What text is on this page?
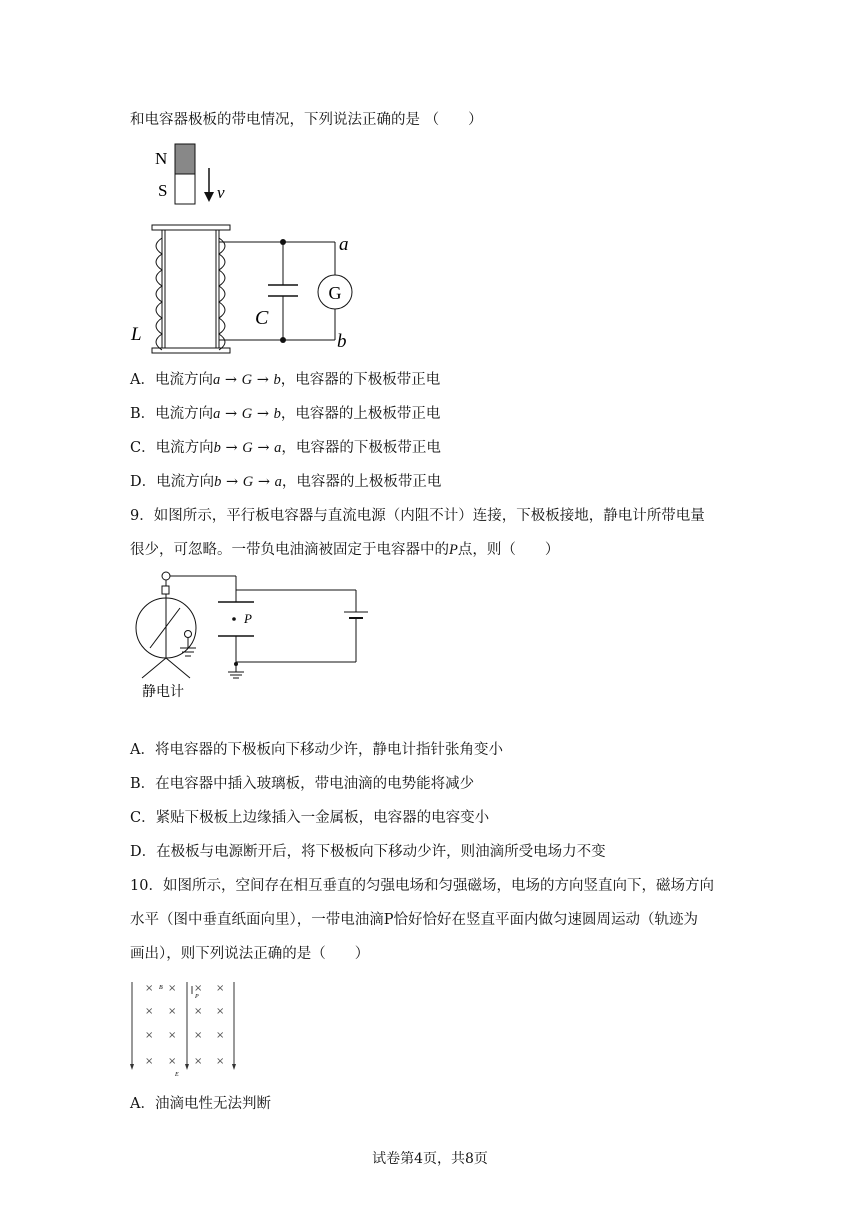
和电容器极板的带电情况，下列说法正确的是 （　　）
N
S	v
L
C
G
a
b
A．电流方向a → G → b，电容器的下极板带正电
B．电流方向a → G → b，电容器的上极板带正电
C．电流方向b → G → a，电容器的下极板带正电
D．电流方向b → G → a，电容器的上极板带正电
9．如图所示，平行板电容器与直流电源（内阻不计）连接，下极板接地，静电计所带电量
很少，可忽略。一带负电油滴被固定于电容器中的P点，则（　　）
静电计
P
A．将电容器的下极板向下移动少许，静电计指针张角变小
B．在电容器中插入玻璃板，带电油滴的电势能将减少
C．紧贴下极板上边缘插入一金属板，电容器的电容变小
D．在极板与电源断开后，将下极板向下移动少许，则油滴所受电场力不变
10．如图所示，空间存在相互垂直的匀强电场和匀强磁场，电场的方向竖直向下，磁场方向
水平（图中垂直纸面向里），一带电油滴P恰好恰好在竖直平面内做匀速圆周运动（轨迹为
画出），则下列说法正确的是（　　）
B
P
E
× × × ×
× × × ×
× × × ×
× × × ×
A．油滴电性无法判断
试卷第4页，共8页
